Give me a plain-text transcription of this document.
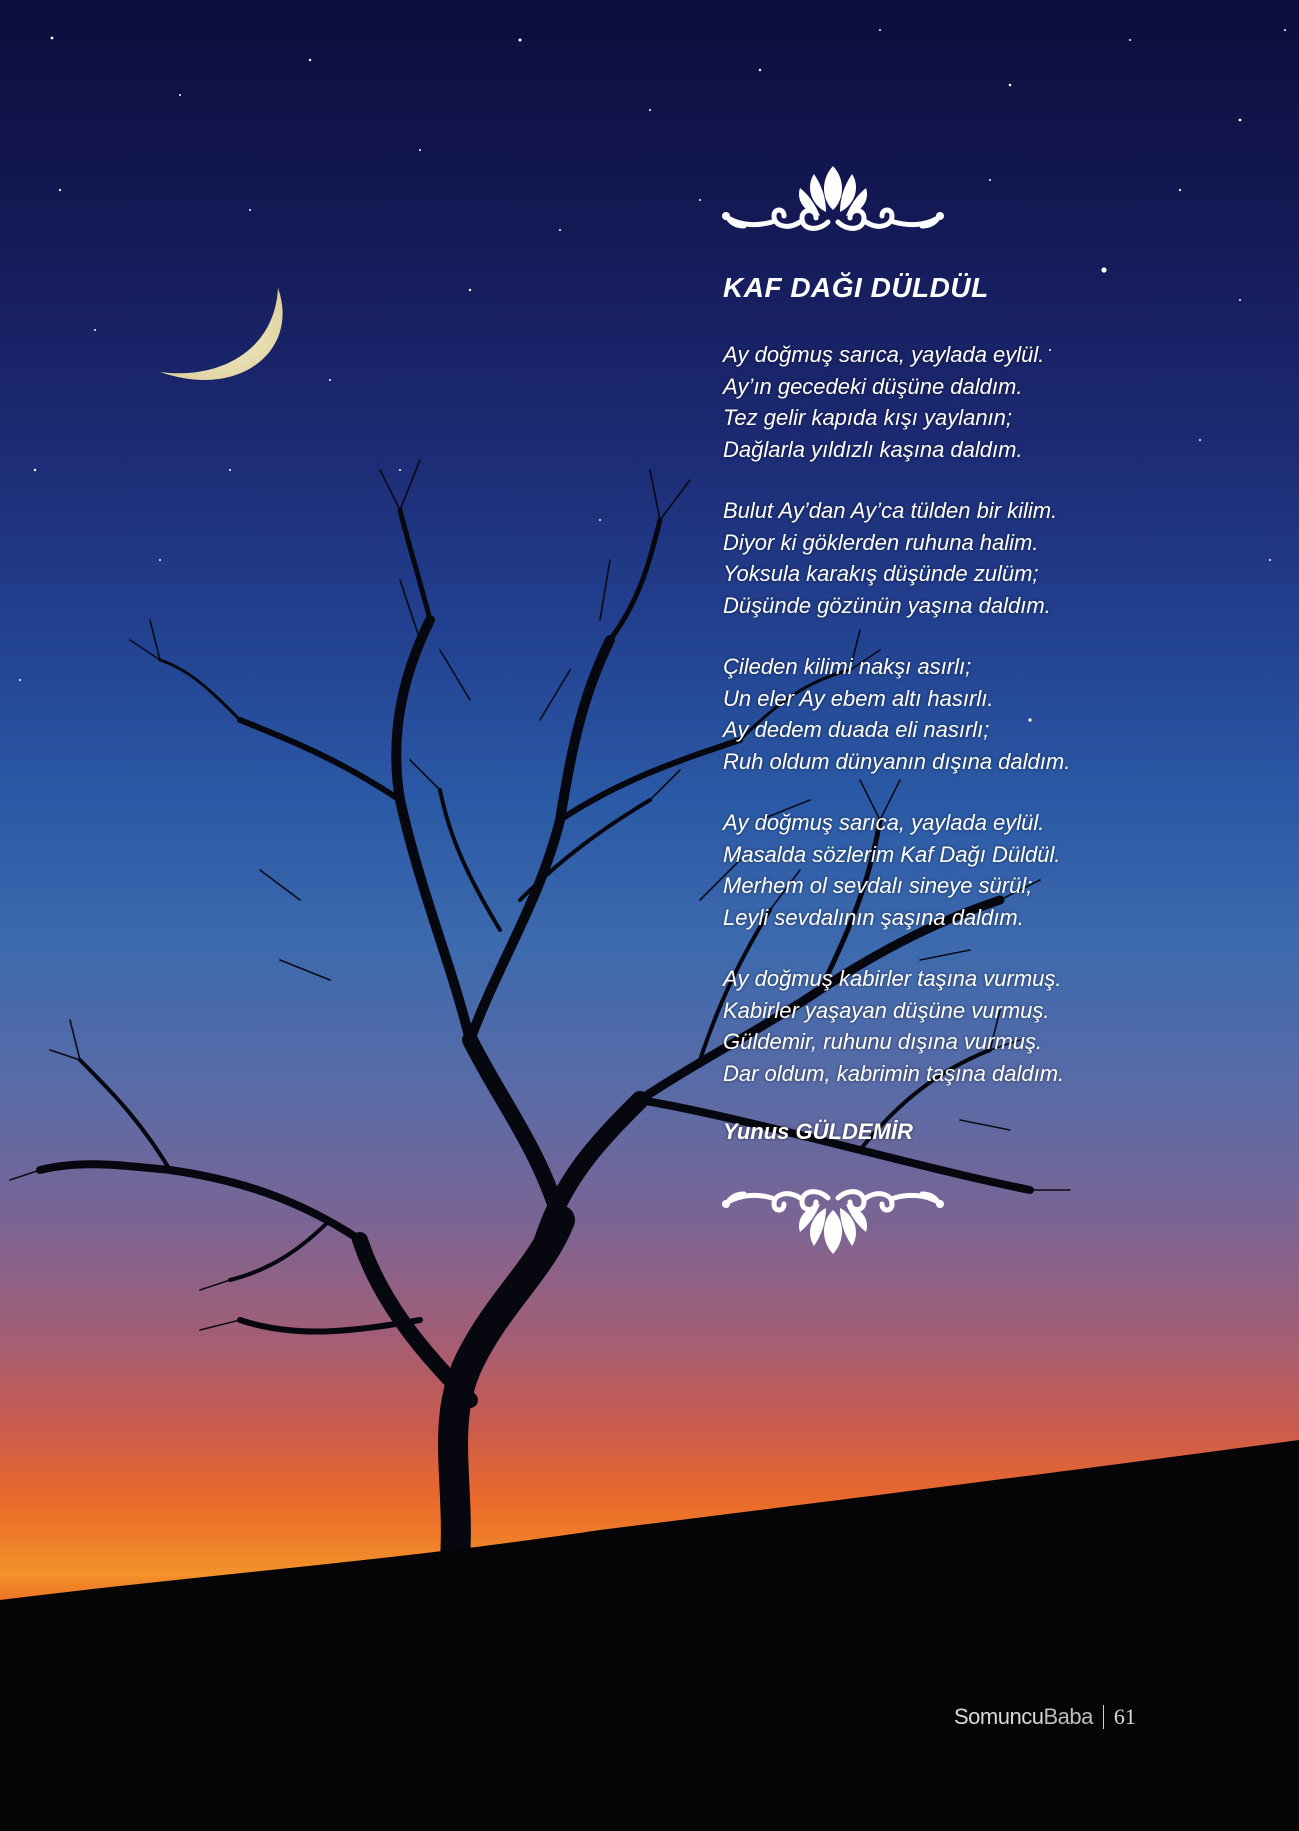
KAF DAĞI DÜLDÜL
Ay doğmuş sarıca, yaylada eylül.
Ay’ın gecedeki düşüne daldım.
Tez gelir kapıda kışı yaylanın;
Dağlarla yıldızlı kaşına daldım.
Bulut Ay’dan Ay’ca tülden bir kilim.
Diyor ki göklerden ruhuna halim.
Yoksula karakış düşünde zulüm;
Düşünde gözünün yaşına daldım.
Çileden kilimi nakşı asırlı;
Un eler Ay ebem altı hasırlı.
Ay dedem duada eli nasırlı;
Ruh oldum dünyanın dışına daldım.
Ay doğmuş sarıca, yaylada eylül.
Masalda sözlerim Kaf Dağı Düldül.
Merhem ol sevdalı sineye sürül;
Leyli sevdalının şaşına daldım.
Ay doğmuş kabirler taşına vurmuş.
Kabirler yaşayan düşüne vurmuş.
Güldemir, ruhunu dışına vurmuş.
Dar oldum, kabrimin taşına daldım.
Yunus GÜLDEMİR
Somuncu Baba 61
